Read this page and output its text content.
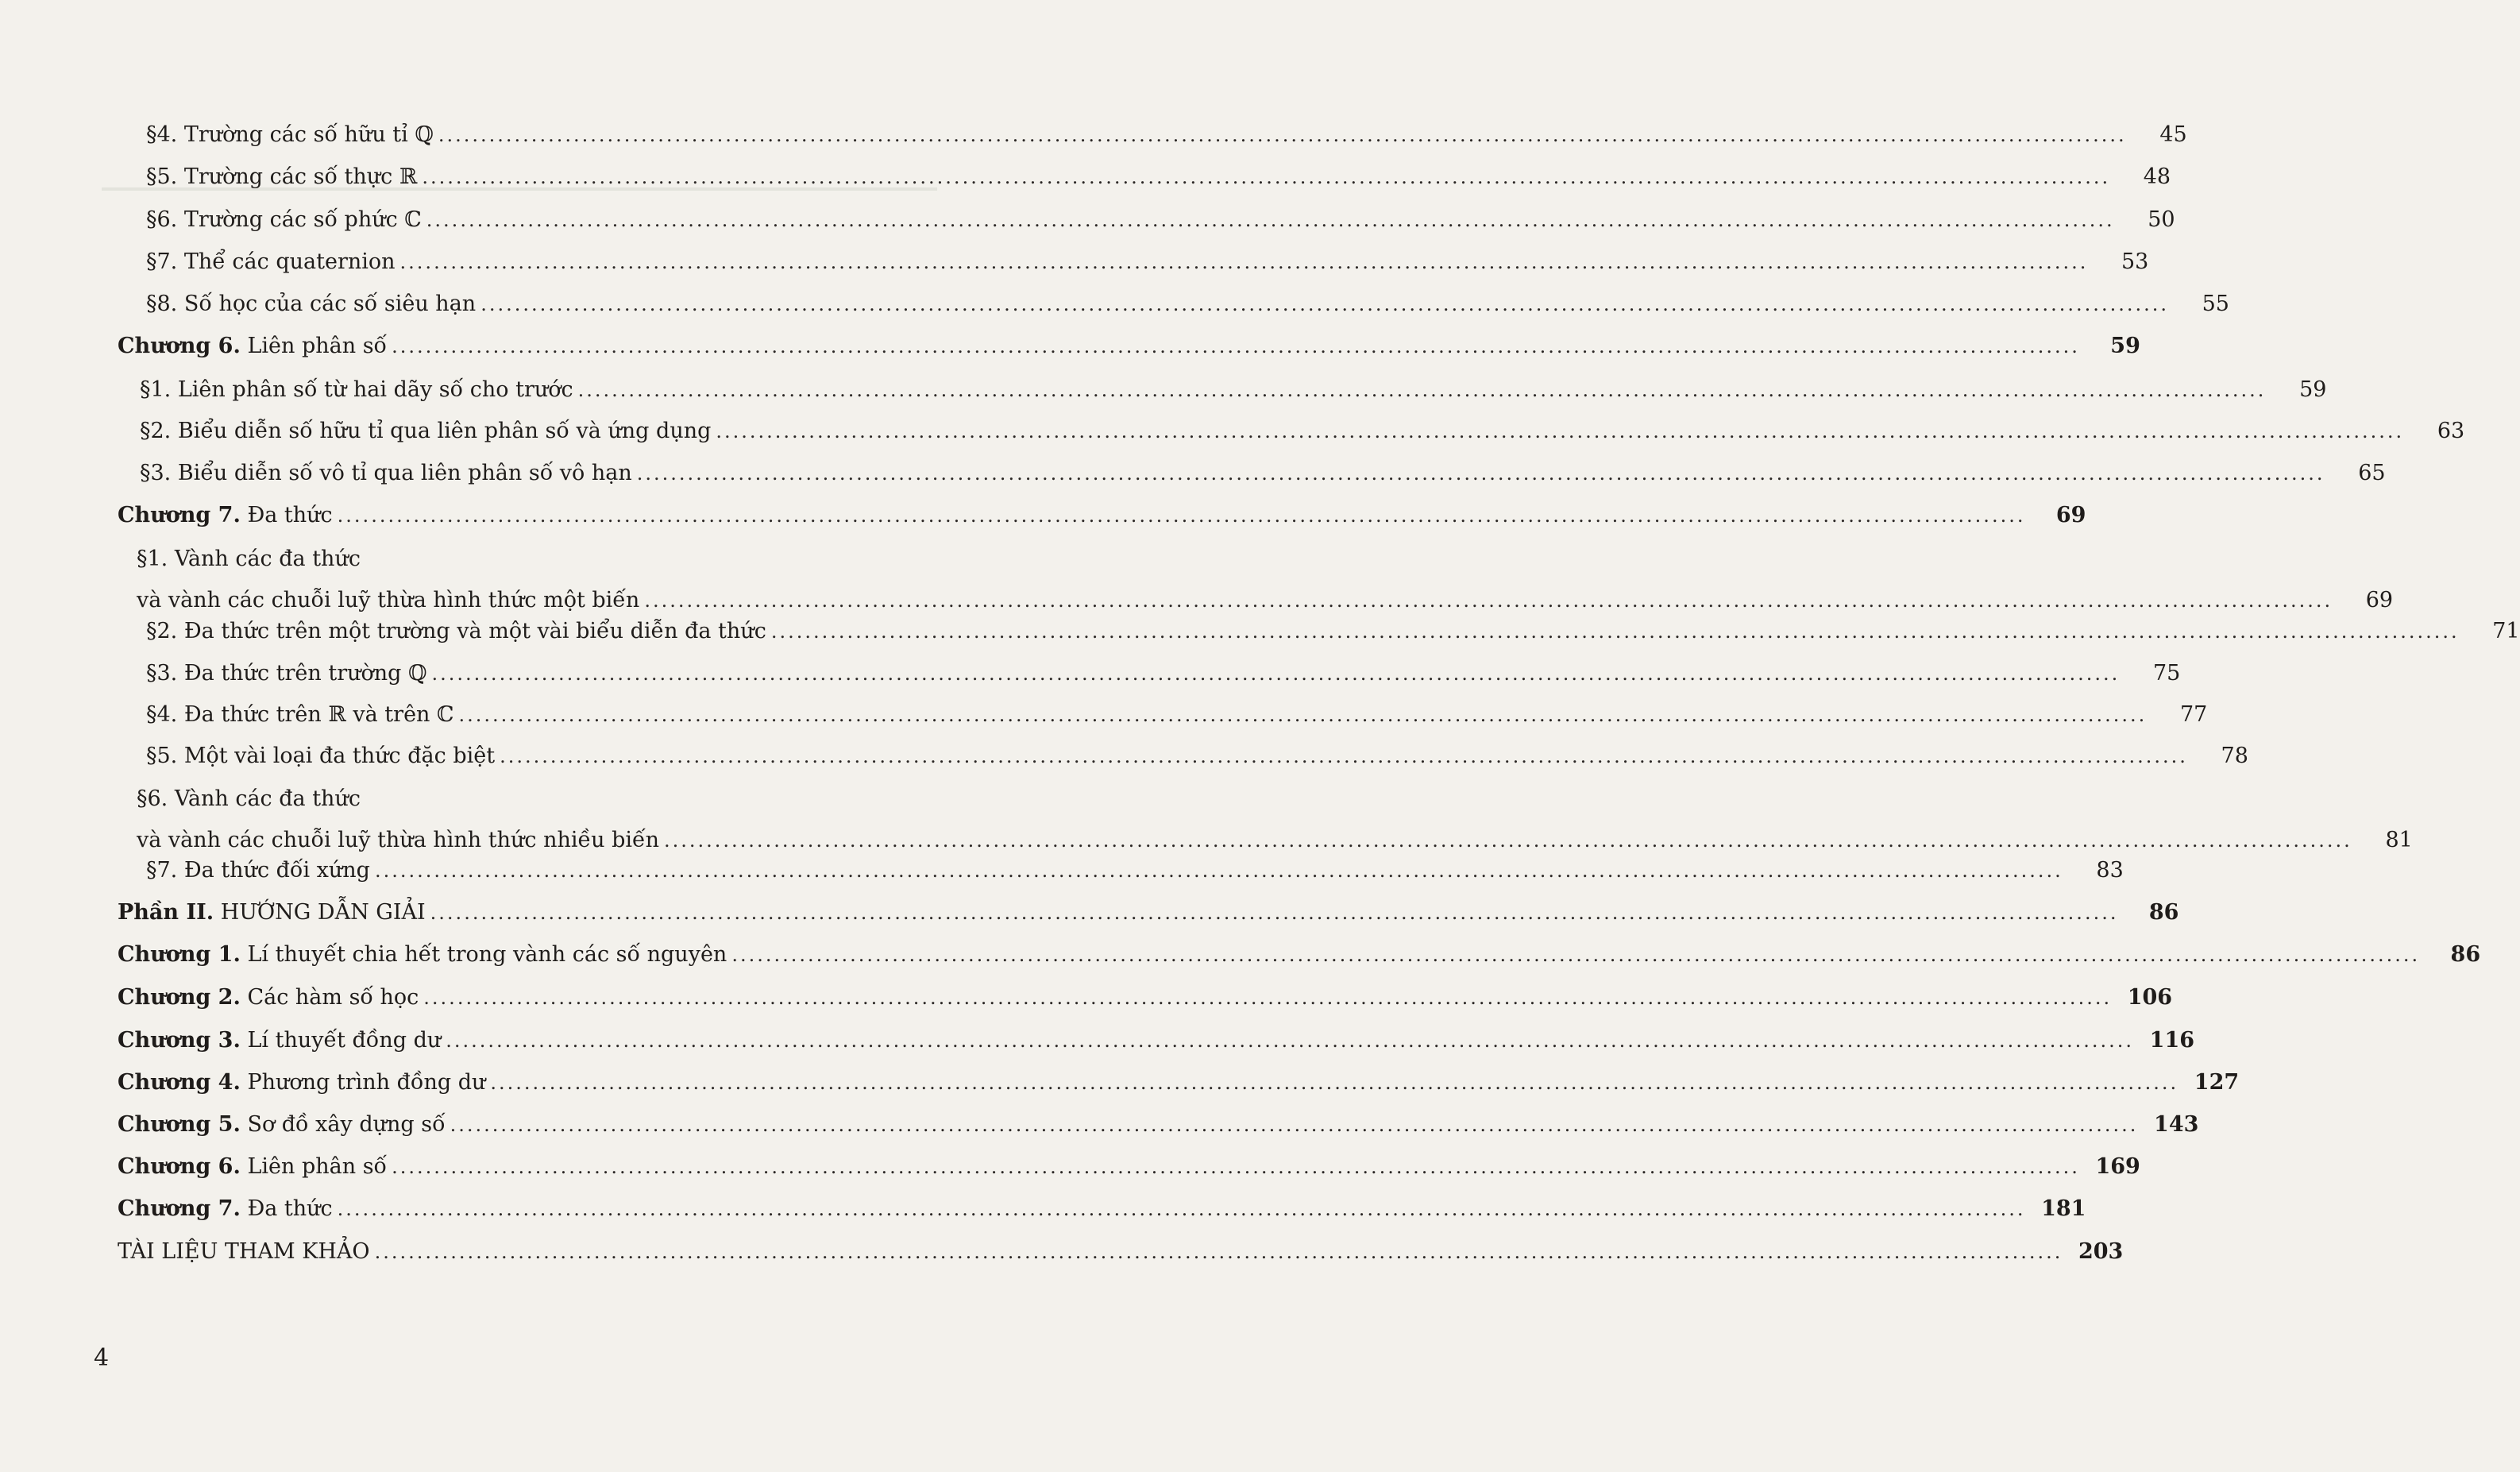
§4. Trường các số hữu tỉ ℚ ........................................................................................................................................................................................................	45
§5. Trường các số thực ℝ ........................................................................................................................................................................................................	48
§6. Trường các số phức ℂ ........................................................................................................................................................................................................	50
§7. Thể các quaternion ........................................................................................................................................................................................................	53
§8. Số học của các số siêu hạn ........................................................................................................................................................................................................	55
Chương 6. Liên phân số ........................................................................................................................................................................................................	59
§1. Liên phân số từ hai dãy số cho trước ........................................................................................................................................................................................................	59
§2. Biểu diễn số hữu tỉ qua liên phân số và ứng dụng ........................................................................................................................................................................................................	63
§3. Biểu diễn số vô tỉ qua liên phân số vô hạn ........................................................................................................................................................................................................	65
Chương 7. Đa thức ........................................................................................................................................................................................................	69
§1. Vành các đa thức
và vành các chuỗi luỹ thừa hình thức một biến ........................................................................................................................................................................................................	69
§2. Đa thức trên một trường và một vài biểu diễn đa thức ........................................................................................................................................................................................................	71
§3. Đa thức trên trường ℚ ........................................................................................................................................................................................................	75
§4. Đa thức trên ℝ và trên ℂ ........................................................................................................................................................................................................	77
§5. Một vài loại đa thức đặc biệt ........................................................................................................................................................................................................	78
§6. Vành các đa thức
và vành các chuỗi luỹ thừa hình thức nhiều biến ........................................................................................................................................................................................................	81
§7. Đa thức đối xứng ........................................................................................................................................................................................................	83
Phần II. HƯỚNG DẪN GIẢI ........................................................................................................................................................................................................	86
Chương 1. Lí thuyết chia hết trong vành các số nguyên ........................................................................................................................................................................................................	86
Chương 2. Các hàm số học ........................................................................................................................................................................................................ 106
Chương 3. Lí thuyết đồng dư ........................................................................................................................................................................................................ 116
Chương 4. Phương trình đồng dư ........................................................................................................................................................................................................ 127
Chương 5. Sơ đồ xây dựng số ........................................................................................................................................................................................................ 143
Chương 6. Liên phân số ........................................................................................................................................................................................................ 169
Chương 7. Đa thức ........................................................................................................................................................................................................ 181
TÀI LIỆU THAM KHẢO ........................................................................................................................................................................................................ 203
4
